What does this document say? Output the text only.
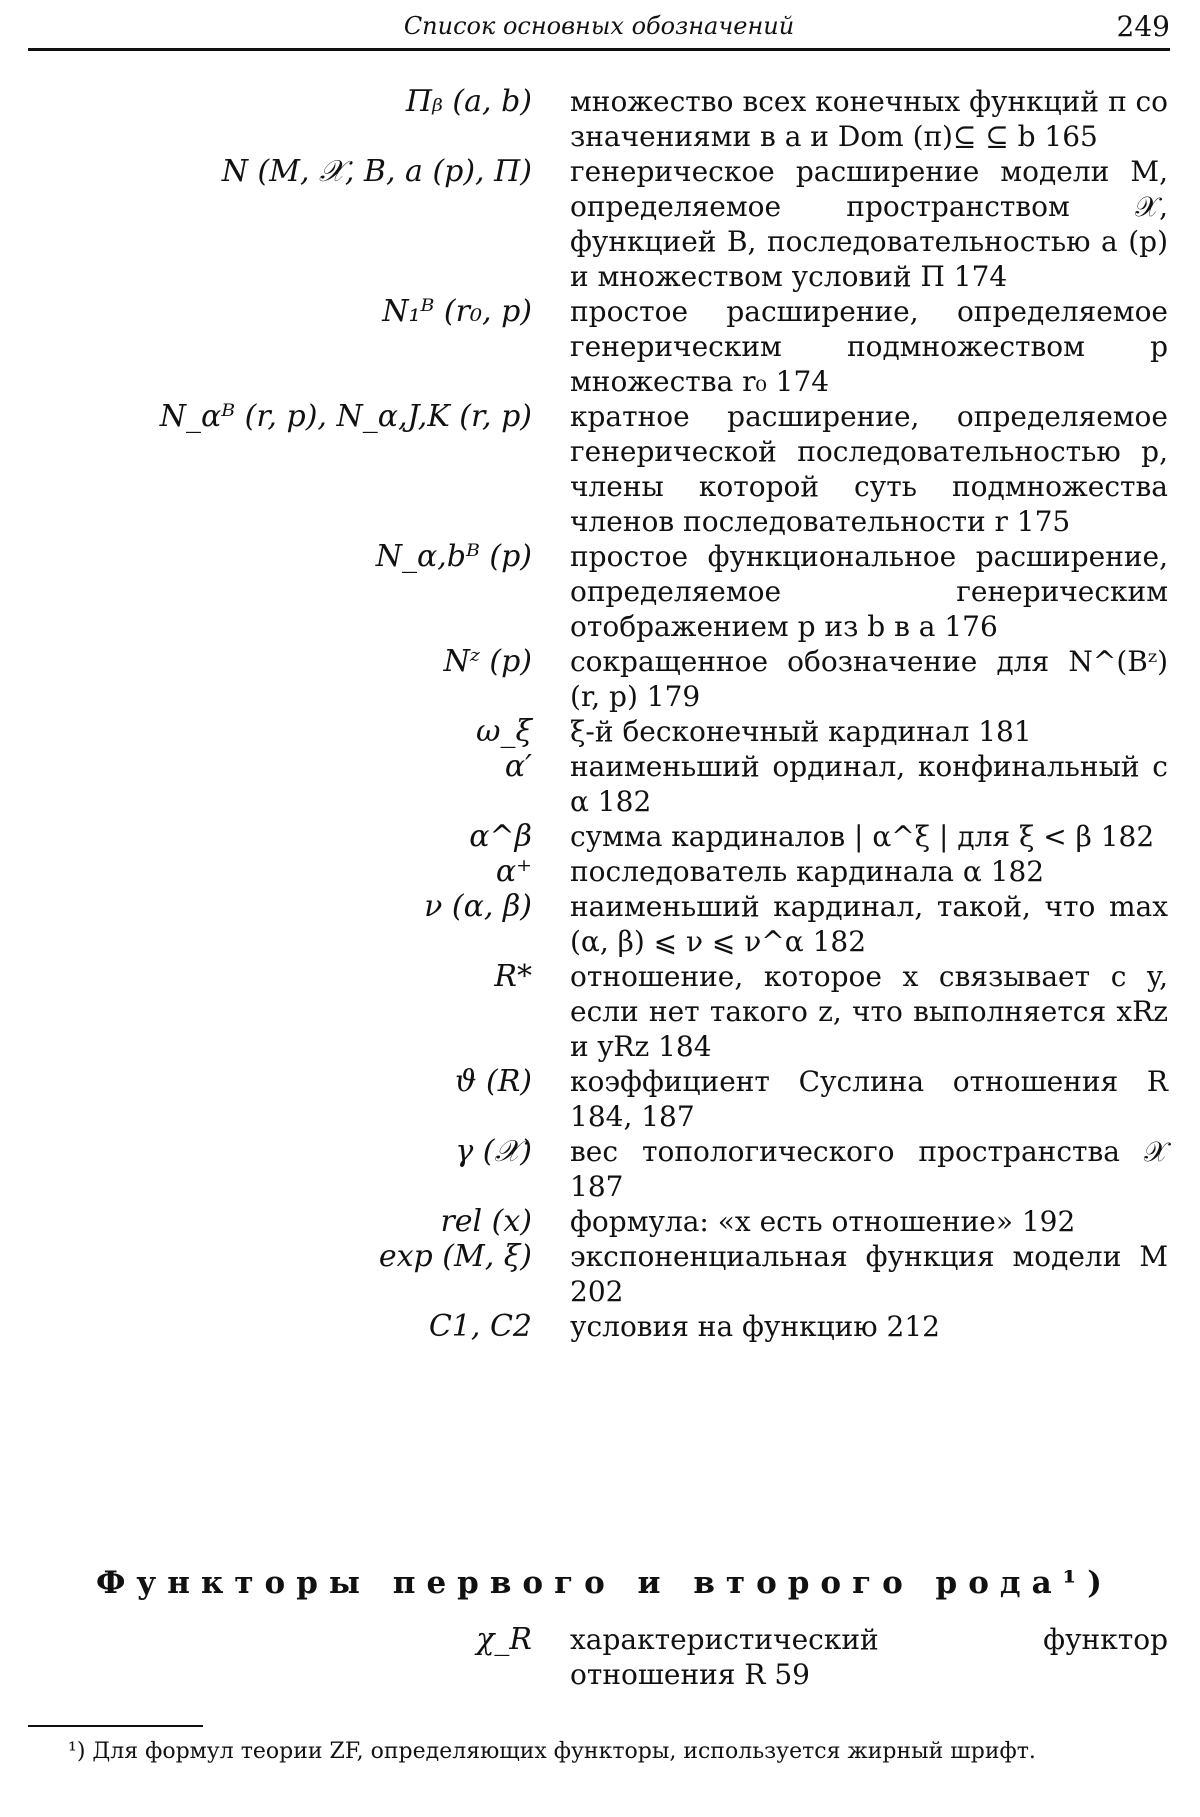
Список основных обозначений	249
Πᵦ (a, b) множество всех конечных функций π со значениями в a и Dom (π)⊆ ⊆ b 165
N (M, 𝒳, B, a (p), Π) генерическое расширение модели M, определяемое пространством 𝒳, функцией B, последовательностью a (p) и множеством условий Π 174
N₁ᴮ (r₀, p) простое расширение, определяемое генерическим подмножеством p множества r₀ 174
N_αᴮ (r, p), N_α,J,K (r, p) кратное расширение, определяемое генерической последовательностью p, члены которой суть подмножества членов последовательности r 175
N_α,bᴮ (p) простое функциональное расширение, определяемое генерическим отображением p из b в a 176
Nᶻ (p) сокращенное обозначение для N^(Bᶻ) (r, p) 179
ω_ξ ξ-й бесконечный кардинал 181
α′ наименьший ординал, конфинальный с α 182
α^β сумма кардиналов | α^ξ | для ξ < β 182
α⁺ последователь кардинала α 182
ν (α, β) наименьший кардинал, такой, что max (α, β) ⩽ ν ⩽ ν^α 182
R* отношение, которое x связывает с y, если нет такого z, что выполняется xRz и yRz 184
ϑ (R) коэффициент Суслина отношения R 184, 187
γ (𝒳) вес топологического пространства 𝒳 187
rel (x) формула: «x есть отношение» 192
exp (M, ξ) экспоненциальная функция модели M 202
C1, C2 условия на функцию 212
Функторы первого и второго рода¹)
χ_R характеристический функтор отношения R 59
¹) Для формул теории ZF, определяющих функторы, используется жирный шрифт.
